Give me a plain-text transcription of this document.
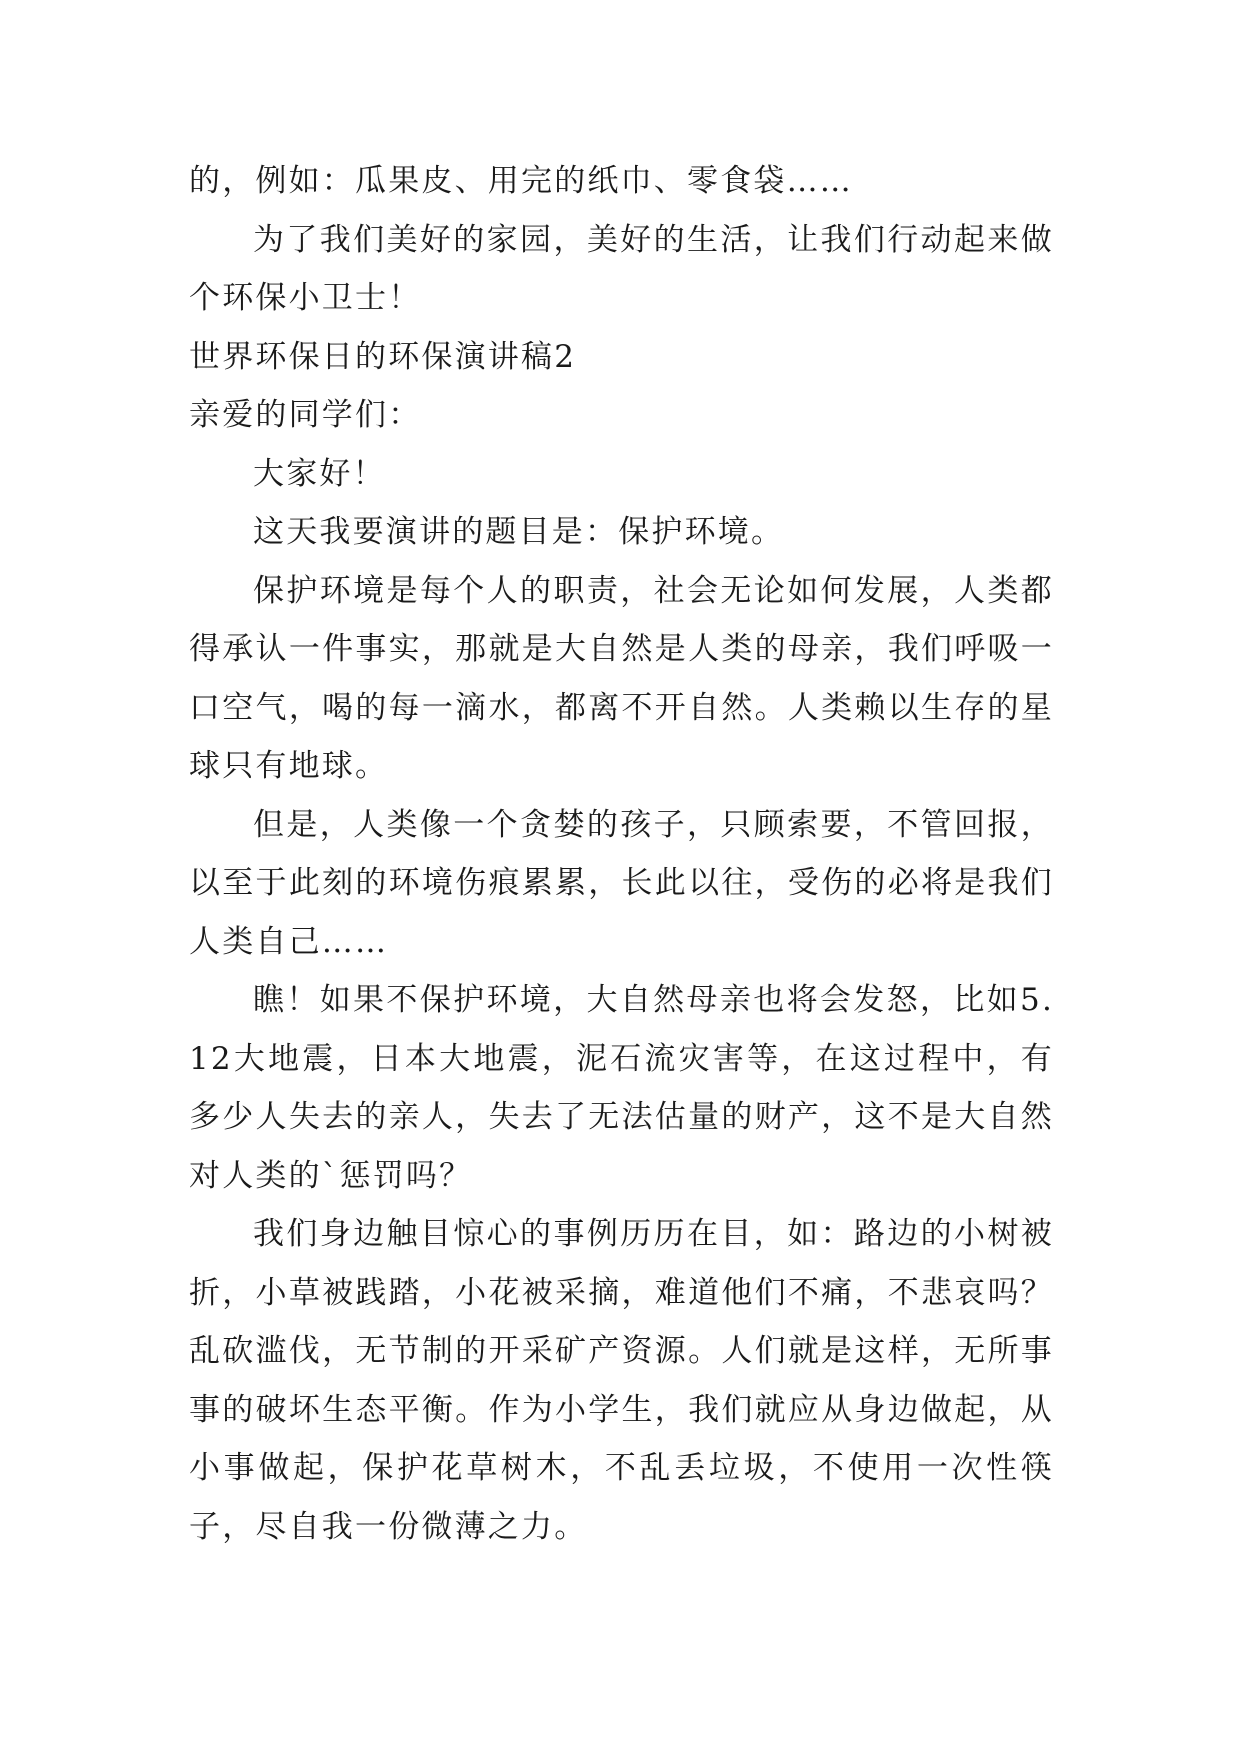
的，例如：瓜果皮、用完的纸巾、零食袋……

为了我们美好的家园，美好的生活，让我们行动起来做个环保小卫士！

世界环保日的环保演讲稿2

亲爱的同学们：

大家好！

这天我要演讲的题目是：保护环境。

保护环境是每个人的职责，社会无论如何发展，人类都得承认一件事实，那就是大自然是人类的母亲，我们呼吸一口空气，喝的每一滴水，都离不开自然。人类赖以生存的星球只有地球。

但是，人类像一个贪婪的孩子，只顾索要，不管回报，以至于此刻的环境伤痕累累，长此以往，受伤的必将是我们人类自己……

瞧！如果不保护环境，大自然母亲也将会发怒，比如5.12大地震，日本大地震，泥石流灾害等，在这过程中，有多少人失去的亲人，失去了无法估量的财产，这不是大自然对人类的`惩罚吗？

我们身边触目惊心的事例历历在目，如：路边的小树被折，小草被践踏，小花被采摘，难道他们不痛，不悲哀吗？乱砍滥伐，无节制的开采矿产资源。人们就是这样，无所事事的破坏生态平衡。作为小学生，我们就应从身边做起，从小事做起，保护花草树木，不乱丢垃圾，不使用一次性筷子，尽自我一份微薄之力。
